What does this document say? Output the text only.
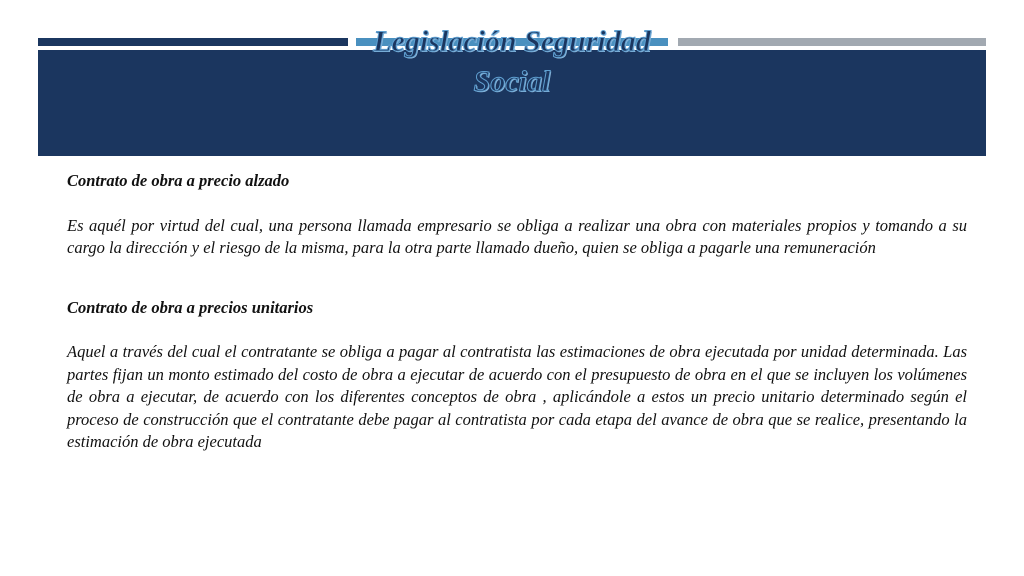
Legislación Seguridad
Social

Contrato de obra a precio alzado

Es aquél por virtud del cual, una persona llamada empresario se obliga a realizar una obra con materiales propios y tomando a su cargo la dirección y el riesgo de la misma, para la otra parte llamado dueño, quien se obliga a pagarle una remuneración

Contrato de obra a precios unitarios

Aquel a través del cual el contratante se obliga a pagar al contratista las estimaciones de obra ejecutada por unidad determinada. Las partes fijan un monto estimado del costo de obra a ejecutar de acuerdo con el presupuesto de obra en el que se incluyen los volúmenes de obra a ejecutar, de acuerdo con los diferentes conceptos de obra , aplicándole a estos un precio unitario determinado según el proceso de construcción que el contratante debe pagar al contratista por cada etapa del avance de obra que se realice, presentando la estimación de obra ejecutada
